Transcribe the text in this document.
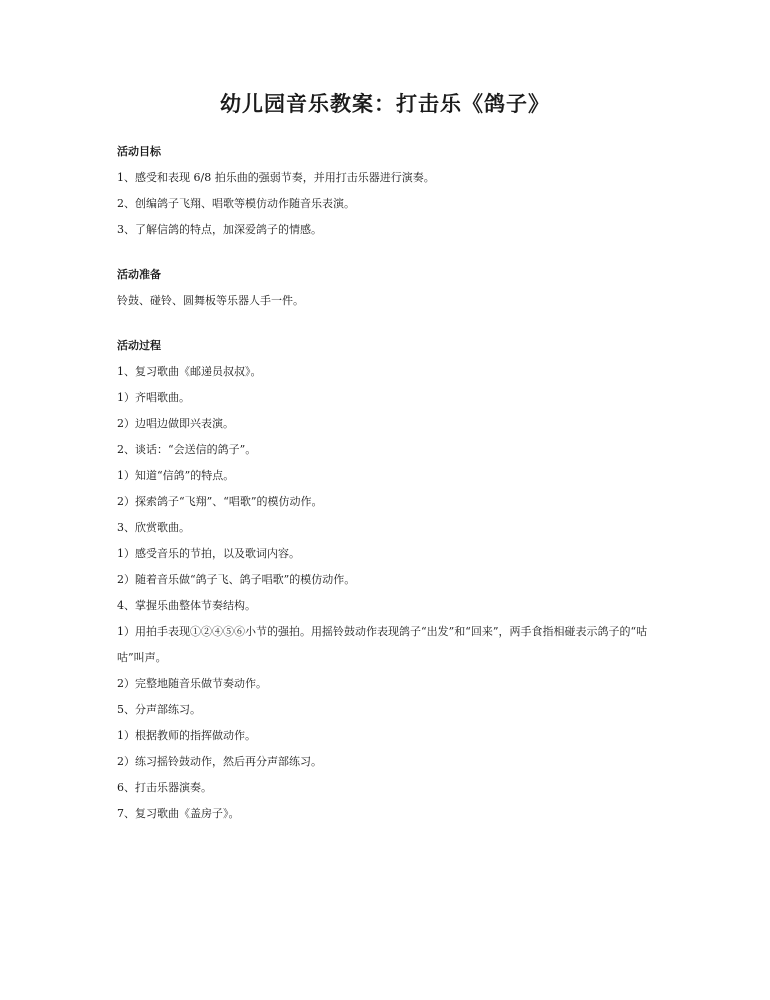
幼儿园音乐教案：打击乐《鸽子》

活动目标

1、感受和表现 6/8 拍乐曲的强弱节奏，并用打击乐器进行演奏。

2、创编鸽子飞翔、唱歌等模仿动作随音乐表演。

3、了解信鸽的特点，加深爱鸽子的情感。

活动准备

铃鼓、碰铃、圆舞板等乐器人手一件。

活动过程

1、复习歌曲《邮递员叔叔》。

1）齐唱歌曲。

2）边唱边做即兴表演。

2、谈话：“会送信的鸽子”。

1）知道“信鸽”的特点。

2）探索鸽子“飞翔”、“唱歌”的模仿动作。

3、欣赏歌曲。

1）感受音乐的节拍，以及歌词内容。

2）随着音乐做“鸽子飞、鸽子唱歌”的模仿动作。

4、掌握乐曲整体节奏结构。

1）用拍手表现①②④⑤⑥小节的强拍。用摇铃鼓动作表现鸽子“出发”和“回来”，两手食指相碰表示鸽子的“咕咕”叫声。

2）完整地随音乐做节奏动作。

5、分声部练习。

1）根据教师的指挥做动作。

2）练习摇铃鼓动作，然后再分声部练习。

6、打击乐器演奏。

7、复习歌曲《盖房子》。
